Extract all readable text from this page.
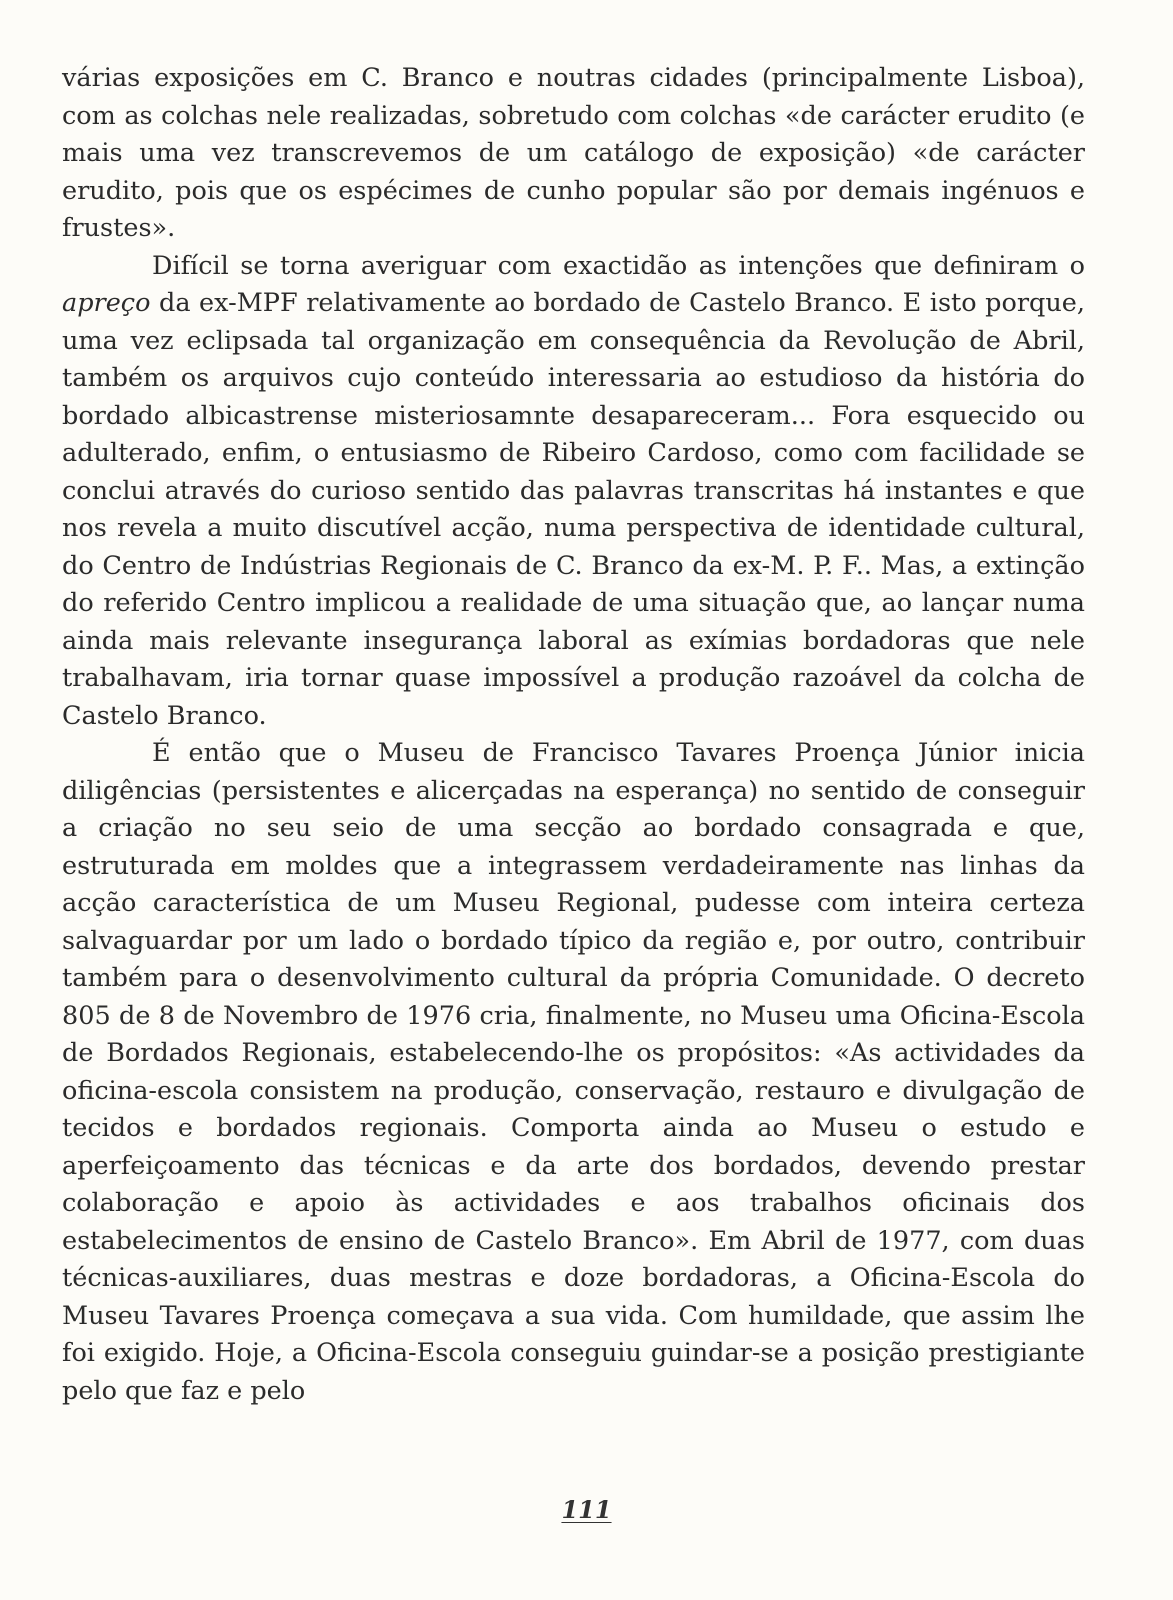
várias exposições em C. Branco e noutras cidades (principalmente Lisboa), com as colchas nele realizadas, sobretudo com colchas «de carácter erudito (e mais uma vez transcrevemos de um catálogo de exposição) «de carácter erudito, pois que os espécimes de cunho popular são por demais ingénuos e frustes».

Difícil se torna averiguar com exactidão as intenções que definiram o apreço da ex-MPF relativamente ao bordado de Castelo Branco. E isto porque, uma vez eclipsada tal organização em consequência da Revolução de Abril, também os arquivos cujo conteúdo interessaria ao estudioso da história do bordado albicastrense misteriosamnte desapareceram... Fora esquecido ou adulterado, enfim, o entusiasmo de Ribeiro Cardoso, como com facilidade se conclui através do curioso sentido das palavras transcritas há instantes e que nos revela a muito discutível acção, numa perspectiva de identidade cultural, do Centro de Indústrias Regionais de C. Branco da ex-M. P. F.. Mas, a extinção do referido Centro implicou a realidade de uma situação que, ao lançar numa ainda mais relevante insegurança laboral as exímias bordadoras que nele trabalhavam, iria tornar quase impossível a produção razoável da colcha de Castelo Branco.

É então que o Museu de Francisco Tavares Proença Júnior inicia diligências (persistentes e alicerçadas na esperança) no sentido de conseguir a criação no seu seio de uma secção ao bordado consagrada e que, estruturada em moldes que a integrassem verdadeiramente nas linhas da acção característica de um Museu Regional, pudesse com inteira certeza salvaguardar por um lado o bordado típico da região e, por outro, contribuir também para o desenvolvimento cultural da própria Comunidade. O decreto 805 de 8 de Novembro de 1976 cria, finalmente, no Museu uma Oficina-Escola de Bordados Regionais, estabelecendo-lhe os propósitos: «As actividades da oficina-escola consistem na produção, conservação, restauro e divulgação de tecidos e bordados regionais. Comporta ainda ao Museu o estudo e aperfeiçoamento das técnicas e da arte dos bordados, devendo prestar colaboração e apoio às actividades e aos trabalhos oficinais dos estabelecimentos de ensino de Castelo Branco». Em Abril de 1977, com duas técnicas-auxiliares, duas mestras e doze bordadoras, a Oficina-Escola do Museu Tavares Proença começava a sua vida. Com humildade, que assim lhe foi exigido. Hoje, a Oficina-Escola conseguiu guindar-se a posição prestigiante pelo que faz e pelo

111
